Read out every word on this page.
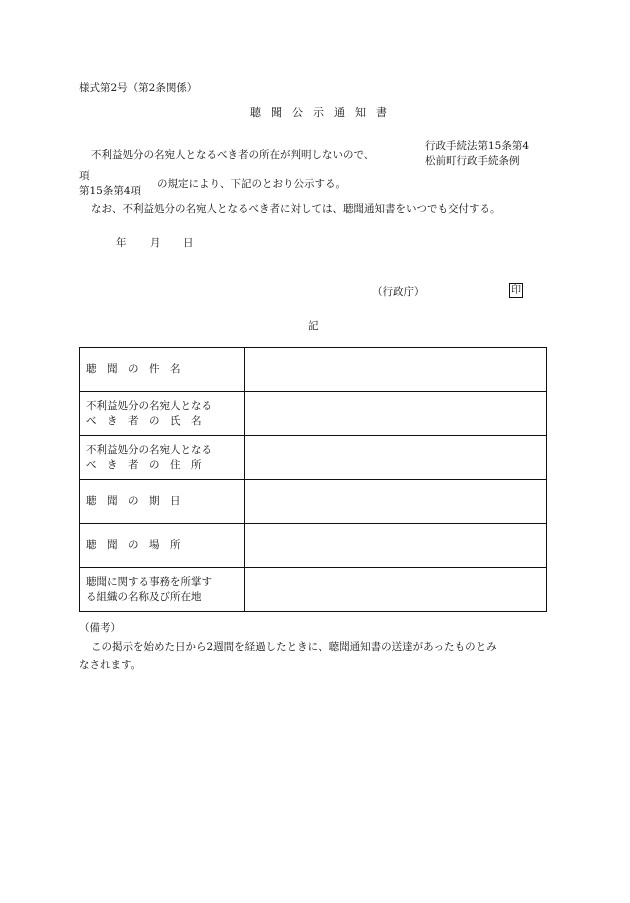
様式第2号（第2条関係）
聴聞公示通知書
不利益処分の名宛人となるべき者の所在が判明しないので、
行政手続法第15条第4
松前町行政手続条例
項
第15条第4項
の規定により、下記のとおり公示する。
なお、不利益処分の名宛人となるべき者に対しては、聴聞通知書をいつでも交付する。
年 月 日
（行政庁）	印
記
聴　聞　の　件　名	

不利益処分の名宛人となる
べ　き　者　の　氏　名	

不利益処分の名宛人となる
べ　き　者　の　住　所	

聴　聞　の　期　日	

聴　聞　の　場　所	

聴聞に関する事務を所掌す
る組織の名称及び所在地	

（備考）
この掲示を始めた日から2週間を経過したときに、聴聞通知書の送達があったものとみ
なされます。
